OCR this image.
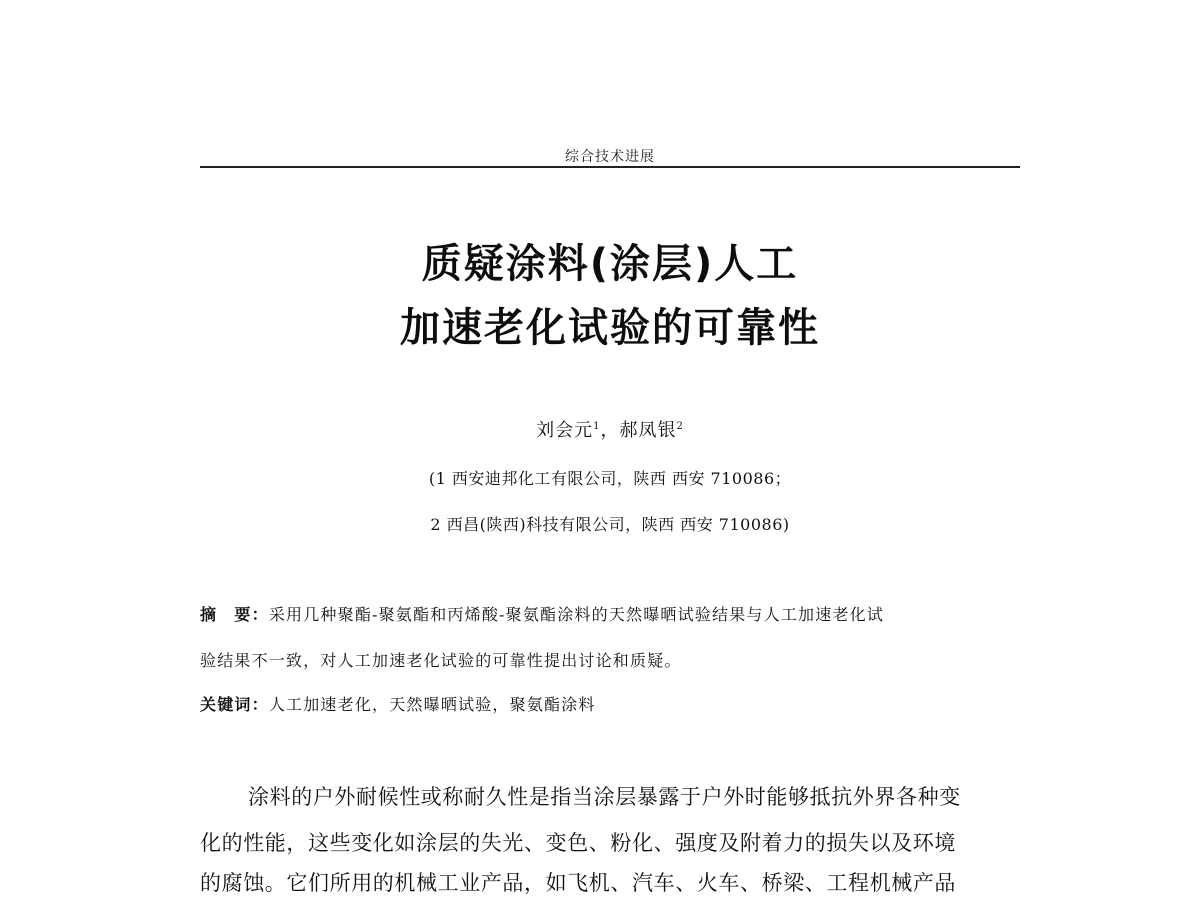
综合技术进展
质疑涂料(涂层)人工
加速老化试验的可靠性
刘会元$^1$，郝凤银$^2$
(1 西安迪邦化工有限公司，陕西 西安 710086；
2 西昌(陕西)科技有限公司，陕西 西安 710086)
摘　要：采用几种聚酯-聚氨酯和丙烯酸-聚氨酯涂料的天然曝晒试验结果与人工加速老化试
验结果不一致，对人工加速老化试验的可靠性提出讨论和质疑。
关键词：人工加速老化，天然曝晒试验，聚氨酯涂料
涂料的户外耐候性或称耐久性是指当涂层暴露于户外时能够抵抗外界各种变
化的性能，这些变化如涂层的失光、变色、粉化、强度及附着力的损失以及环境
的腐蚀。它们所用的机械工业产品，如飞机、汽车、火车、桥梁、工程机械产品
